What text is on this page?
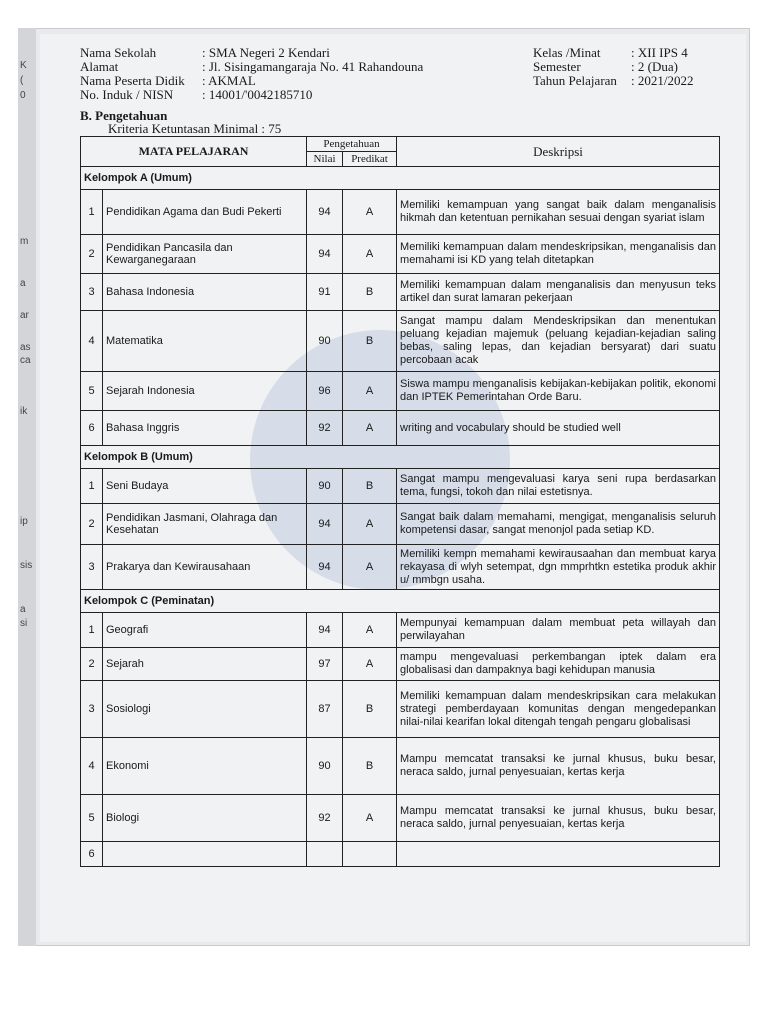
K
(
0
m
a
ar
as
ca
ik
ip
sis
a
si
Nama Sekolah	: SMA Negeri 2 Kendari
Alamat	: Jl. Sisingamangaraja No. 41 Rahandouna
Nama Peserta Didik : AKMAL
No. Induk / NISN : 14001/'0042185710
Kelas /Minat : XII IPS 4
Semester	: 2 (Dua)
Tahun Pelajaran : 2021/2022
B. Pengetahuan
Kriteria Ketuntasan Minimal : 75
MATA PELAJARAN		Pengetahuan		Deskripsi
		Nilai	Predikat	
Kelompok A (Umum)				
1	Pendidikan Agama dan Budi Pekerti	94	A	Memiliki kemampuan yang sangat baik dalam menganalisis hikmah dan ketentuan pernikahan sesuai dengan syariat islam
2	Pendidikan Pancasila dan Kewarganegaraan	94	A	Memiliki kemampuan dalam mendeskripsikan, menganalisis dan memahami isi KD yang telah ditetapkan
3	Bahasa Indonesia	91	B	Memiliki kemampuan dalam menganalisis dan menyusun teks artikel dan surat lamaran pekerjaan
4	Matematika	90	B	Sangat mampu dalam Mendeskripsikan dan menentukan peluang kejadian majemuk (peluang kejadian-kejadian saling bebas, saling lepas, dan kejadian bersyarat) dari suatu percobaan acak
5	Sejarah Indonesia	96	A	Siswa mampu menganalisis kebijakan-kebijakan politik, ekonomi dan IPTEK Pemerintahan Orde Baru.
6	Bahasa Inggris	92	A	writing and vocabulary should be studied well
Kelompok B (Umum)				
1	Seni Budaya	90	B	Sangat mampu mengevaluasi karya seni rupa berdasarkan tema, fungsi, tokoh dan nilai estetisnya.
2	Pendidikan Jasmani, Olahraga dan Kesehatan	94	A	Sangat baik dalam memahami, mengigat, menganalisis seluruh kompetensi dasar, sangat menonjol pada setiap KD.
3	Prakarya dan Kewirausahaan	94	A	Memiliki kempn memahami kewirausaahan dan membuat karya rekayasa di wlyh setempat, dgn mmprhtkn estetika produk akhir u/ mmbgn usaha.
Kelompok C (Peminatan)				
1	Geografi	94	A	Mempunyai kemampuan dalam membuat peta willayah dan perwilayahan
2	Sejarah	97	A	mampu mengevaluasi perkembangan iptek dalam era globalisasi dan dampaknya bagi kehidupan manusia
3	Sosiologi	87	B	Memiliki kemampuan dalam mendeskripsikan cara melakukan strategi pemberdayaan komunitas dengan mengedepankan nilai-nilai kearifan lokal ditengah tengah pengaru globalisasi
4	Ekonomi	90	B	Mampu memcatat transaksi ke jurnal khusus, buku besar, neraca saldo, jurnal penyesuaian, kertas kerja
5	Biologi	92	A	Mampu memcatat transaksi ke jurnal khusus, buku besar, neraca saldo, jurnal penyesuaian, kertas kerja
6				
